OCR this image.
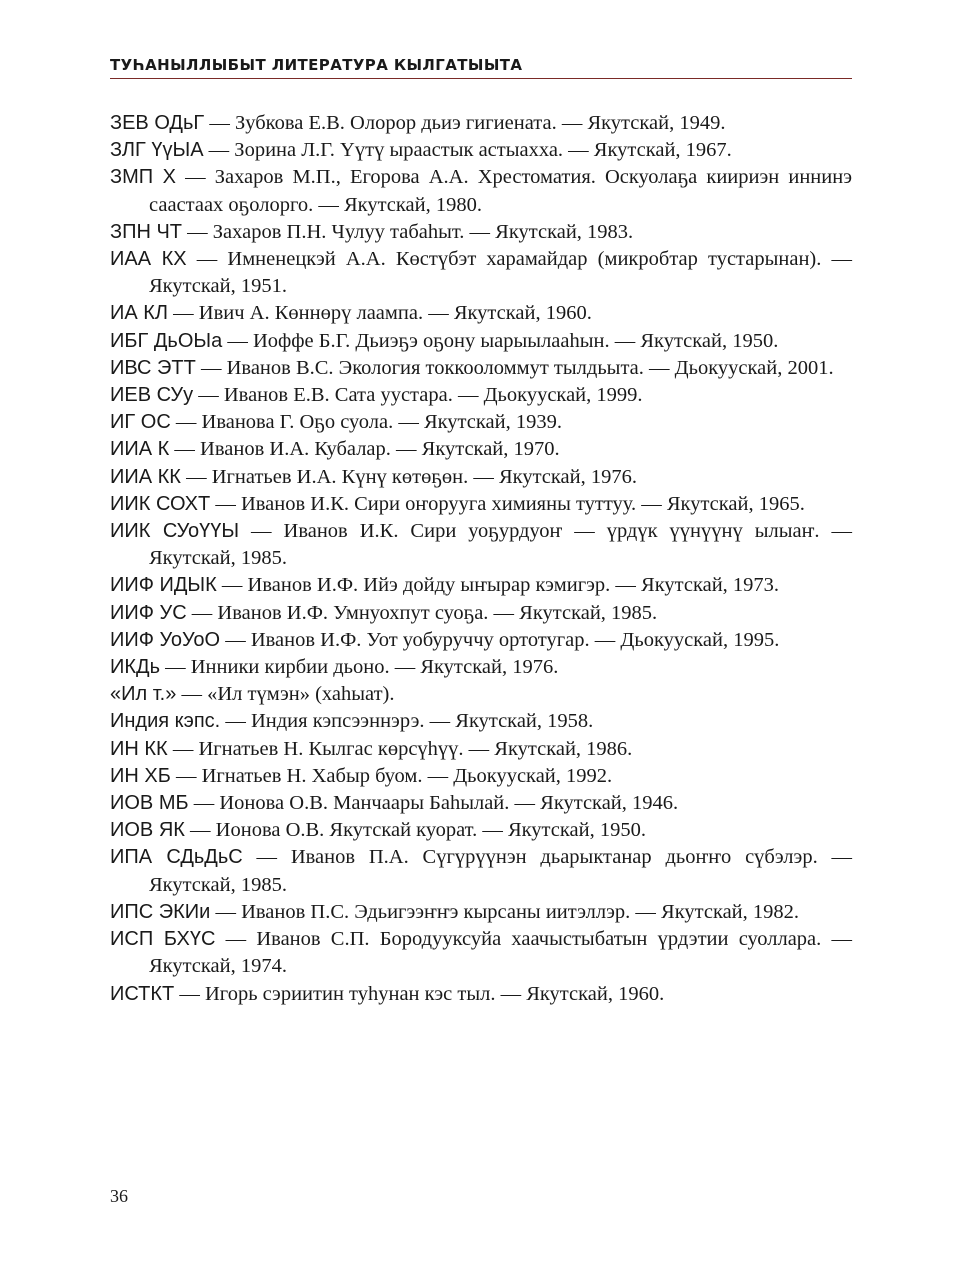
ТУҺАНЫЛЛЫБЫТ ЛИТЕРАТУРА КЫЛГАТЫЫТА
ЗЕВ ОДьГ — Зубкова Е.В. Олорор дьиэ гигиената. — Якутскай, 1949.
ЗЛГ ҮүЫА — Зорина Л.Г. Үүтү ыраастык астыахха. — Якутскай, 1967.
ЗМП Х — Захаров М.П., Егорова А.А. Хрестоматия. Оскуолаҕа киириэн иннинэ саастаах оҕолорго. — Якутскай, 1980.
ЗПН ЧТ — Захаров П.Н. Чулуу табаһыт. — Якутскай, 1983.
ИАА КХ — Имненецкэй А.А. Көстүбэт харамайдар (микробтар тустарынан). — Якутскай, 1951.
ИА КЛ — Ивич А. Көннөрү лаампа. — Якутскай, 1960.
ИБГ ДьОЫа — Иоффе Б.Г. Дьиэҕэ оҕону ыарыылааһын. — Якутскай, 1950.
ИВС ЭТТ — Иванов В.С. Экология токкооломмут тылдьыта. — Дьокуускай, 2001.
ИЕВ СУу — Иванов Е.В. Сата уустара. — Дьокуускай, 1999.
ИГ ОС — Иванова Г. Оҕо суола. — Якутскай, 1939.
ИИА К — Иванов И.А. Кубалар. — Якутскай, 1970.
ИИА КК — Игнатьев И.А. Күнү көтөҕөн. — Якутскай, 1976.
ИИК СОХТ — Иванов И.К. Сири оҥоруугa химияны туттуу. — Якутскай, 1965.
ИИК СУоҮҮЫ — Иванов И.К. Сири уоҕурдуоҥ — үрдүк үүнүүнү ылыаҥ. — Якутскай, 1985.
ИИФ ИДЫК — Иванов И.Ф. Ийэ дойду ыҥырар кэмигэр. — Якутскай, 1973.
ИИФ УС — Иванов И.Ф. Умнуохпут суоҕа. — Якутскай, 1985.
ИИФ УоУоО — Иванов И.Ф. Уот уобуруччу ортотугар. — Дьокуускай, 1995.
ИКДь — Инники кирбии дьоно. — Якутскай, 1976.
«Ил т.» — «Ил түмэн» (хаһыат).
Индия кэпс. — Индия кэпсээннэрэ. — Якутскай, 1958.
ИН КК — Игнатьев Н. Кылгас көрсүһүү. — Якутскай, 1986.
ИН ХБ — Игнатьев Н. Хабыр буом. — Дьокуускай, 1992.
ИОВ МБ — Ионова О.В. Манчаары Баһылай. — Якутскай, 1946.
ИОВ ЯК — Ионова О.В. Якутскай куорат. — Якутскай, 1950.
ИПА СДьДьС — Иванов П.А. Сүгүрүүнэн дьарыктанар дьоҥҥо сүбэлэр. — Якутскай, 1985.
ИПС ЭКИи — Иванов П.С. Эдьигээҥҥэ кырсаны иитэллэр. — Якутскай, 1982.
ИСП БХҮС — Иванов С.П. Бородууксуйа хаачыстыбатын үрдэтии суоллара. — Якутскай, 1974.
ИСТКТ — Игорь сэриитин туһунан кэс тыл. — Якутскай, 1960.
36
